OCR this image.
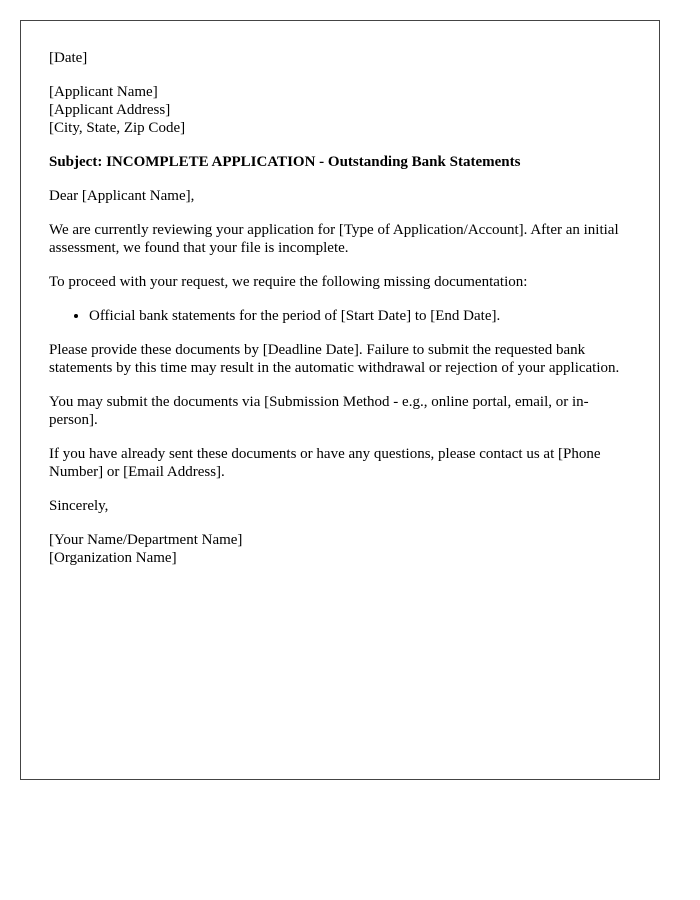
[Date]

[Applicant Name]
[Applicant Address]
[City, State, Zip Code]

Subject: INCOMPLETE APPLICATION - Outstanding Bank Statements

Dear [Applicant Name],

We are currently reviewing your application for [Type of Application/Account]. After an initial assessment, we found that your file is incomplete.

To proceed with your request, we require the following missing documentation:

• Official bank statements for the period of [Start Date] to [End Date].

Please provide these documents by [Deadline Date]. Failure to submit the requested bank statements by this time may result in the automatic withdrawal or rejection of your application.

You may submit the documents via [Submission Method - e.g., online portal, email, or in-person].

If you have already sent these documents or have any questions, please contact us at [Phone Number] or [Email Address].

Sincerely,

[Your Name/Department Name]
[Organization Name]
